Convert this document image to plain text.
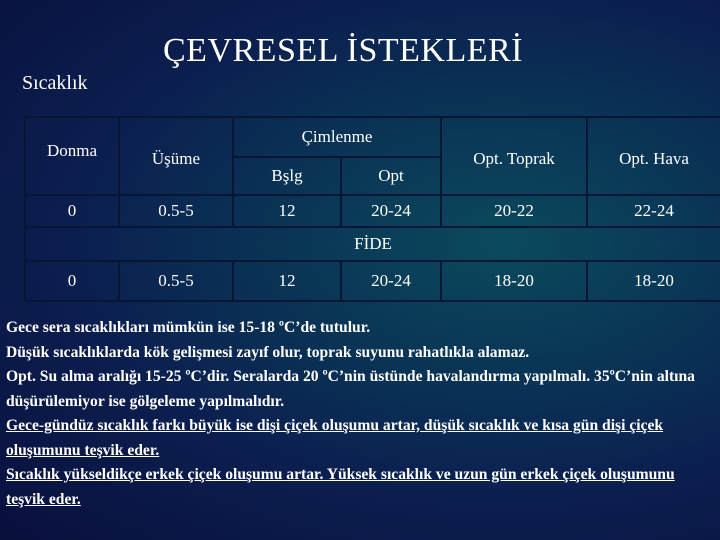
Sıcaklık
ÇEVRESEL İSTEKLERİ
Donma	Üşüme	Çimlenme		Opt. Toprak	Opt. Hava
		Bşlg	Opt		
0	0.5-5	12	20-24	20-22	22-24
FİDE					
0	0.5-5	12	20-24	18-20	18-20

Gece sera sıcaklıkları mümkün ise 15-18 ºC’de tutulur.

Düşük sıcaklıklarda kök gelişmesi zayıf olur, toprak suyunu rahatlıkla alamaz.

Opt. Su alma aralığı 15-25 ºC’dir. Seralarda 20 ºC’nin üstünde havalandırma yapılmalı. 35ºC’nin altına düşürülemiyor ise gölgeleme yapılmalıdır.

Gece-gündüz sıcaklık farkı büyük ise dişi çiçek oluşumu artar, düşük sıcaklık ve kısa gün dişi çiçek oluşumunu teşvik eder.

Sıcaklık yükseldikçe erkek çiçek oluşumu artar. Yüksek sıcaklık ve uzun gün erkek çiçek oluşumunu teşvik eder.
